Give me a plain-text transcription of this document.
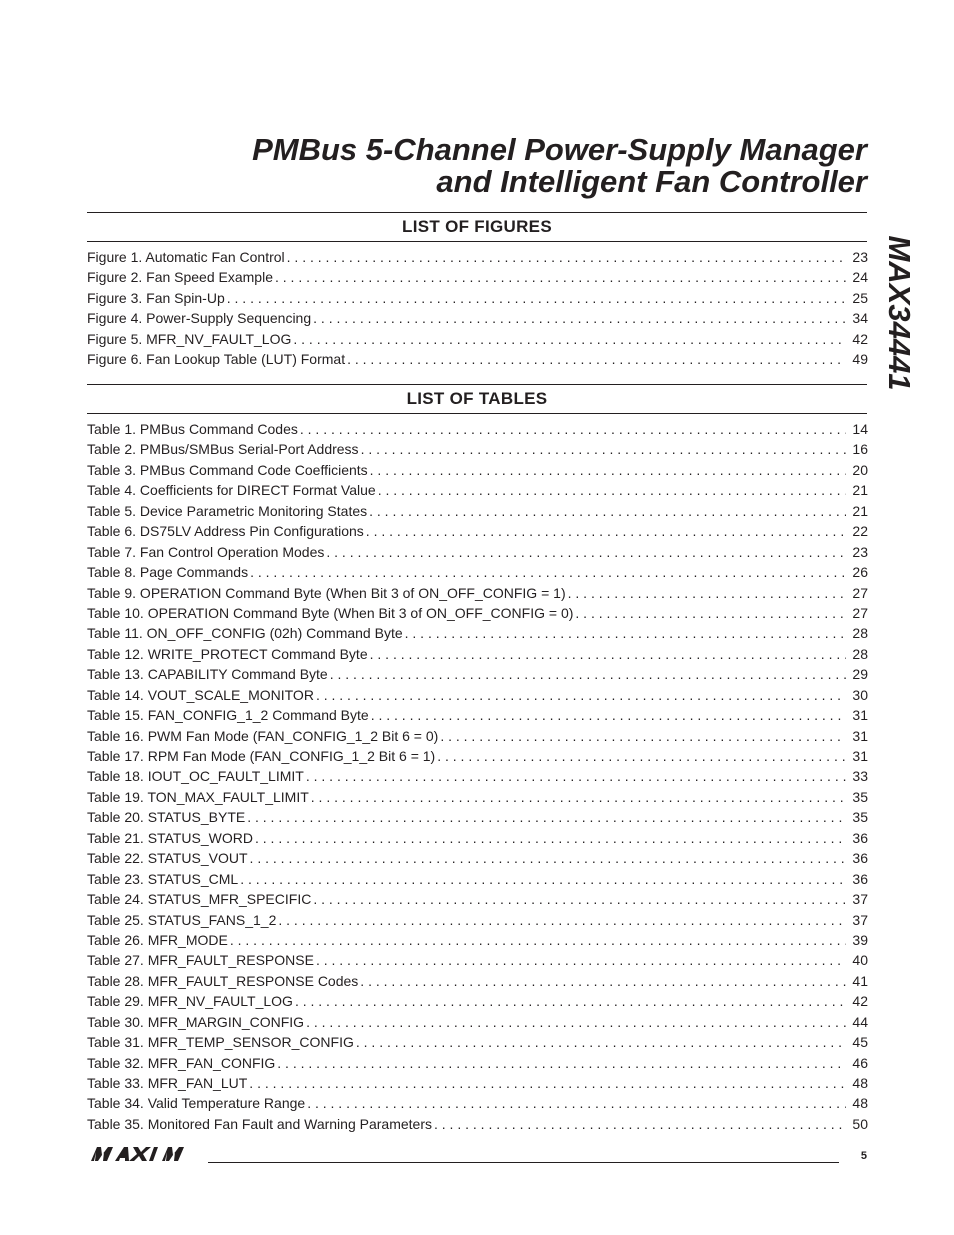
PMBus 5-Channel Power-Supply Manager
and Intelligent Fan Controller
MAX34441
LIST OF FIGURES
Figure 1. Automatic Fan Control . . .	23
Figure 2. Fan Speed Example . . .	24
Figure 3. Fan Spin-Up . . .	25
Figure 4. Power-Supply Sequencing . . .	34
Figure 5. MFR_NV_FAULT_LOG . . .	42
Figure 6. Fan Lookup Table (LUT) Format . . .	49
LIST OF TABLES
Table 1. PMBus Command Codes . . .	14
Table 2. PMBus/SMBus Serial-Port Address . . .	16
Table 3. PMBus Command Code Coefficients . . .	20
Table 4. Coefficients for DIRECT Format Value . . .	21
Table 5. Device Parametric Monitoring States . . .	21
Table 6. DS75LV Address Pin Configurations . . .	22
Table 7. Fan Control Operation Modes . . .	23
Table 8. Page Commands . . .	26
Table 9. OPERATION Command Byte (When Bit 3 of ON_OFF_CONFIG = 1) . . .	27
Table 10. OPERATION Command Byte (When Bit 3 of ON_OFF_CONFIG = 0) . . .	27
Table 11. ON_OFF_CONFIG (02h) Command Byte . . .	28
Table 12. WRITE_PROTECT Command Byte . . .	28
Table 13. CAPABILITY Command Byte . . .	29
Table 14. VOUT_SCALE_MONITOR . . .	30
Table 15. FAN_CONFIG_1_2 Command Byte . . .	31
Table 16. PWM Fan Mode (FAN_CONFIG_1_2 Bit 6 = 0) . . .	31
Table 17. RPM Fan Mode (FAN_CONFIG_1_2 Bit 6 = 1) . . .	31
Table 18. IOUT_OC_FAULT_LIMIT . . .	33
Table 19. TON_MAX_FAULT_LIMIT . . .	35
Table 20. STATUS_BYTE . . .	35
Table 21. STATUS_WORD . . .	36
Table 22. STATUS_VOUT . . .	36
Table 23. STATUS_CML . . .	36
Table 24. STATUS_MFR_SPECIFIC . . .	37
Table 25. STATUS_FANS_1_2 . . .	37
Table 26. MFR_MODE . . .	39
Table 27. MFR_FAULT_RESPONSE . . .	40
Table 28. MFR_FAULT_RESPONSE Codes . . .	41
Table 29. MFR_NV_FAULT_LOG . . .	42
Table 30. MFR_MARGIN_CONFIG . . .	44
Table 31. MFR_TEMP_SENSOR_CONFIG . . .	45
Table 32. MFR_FAN_CONFIG . . .	46
Table 33. MFR_FAN_LUT . . .	48
Table 34. Valid Temperature Range . . .	48
Table 35. Monitored Fan Fault and Warning Parameters . . .	50
5
